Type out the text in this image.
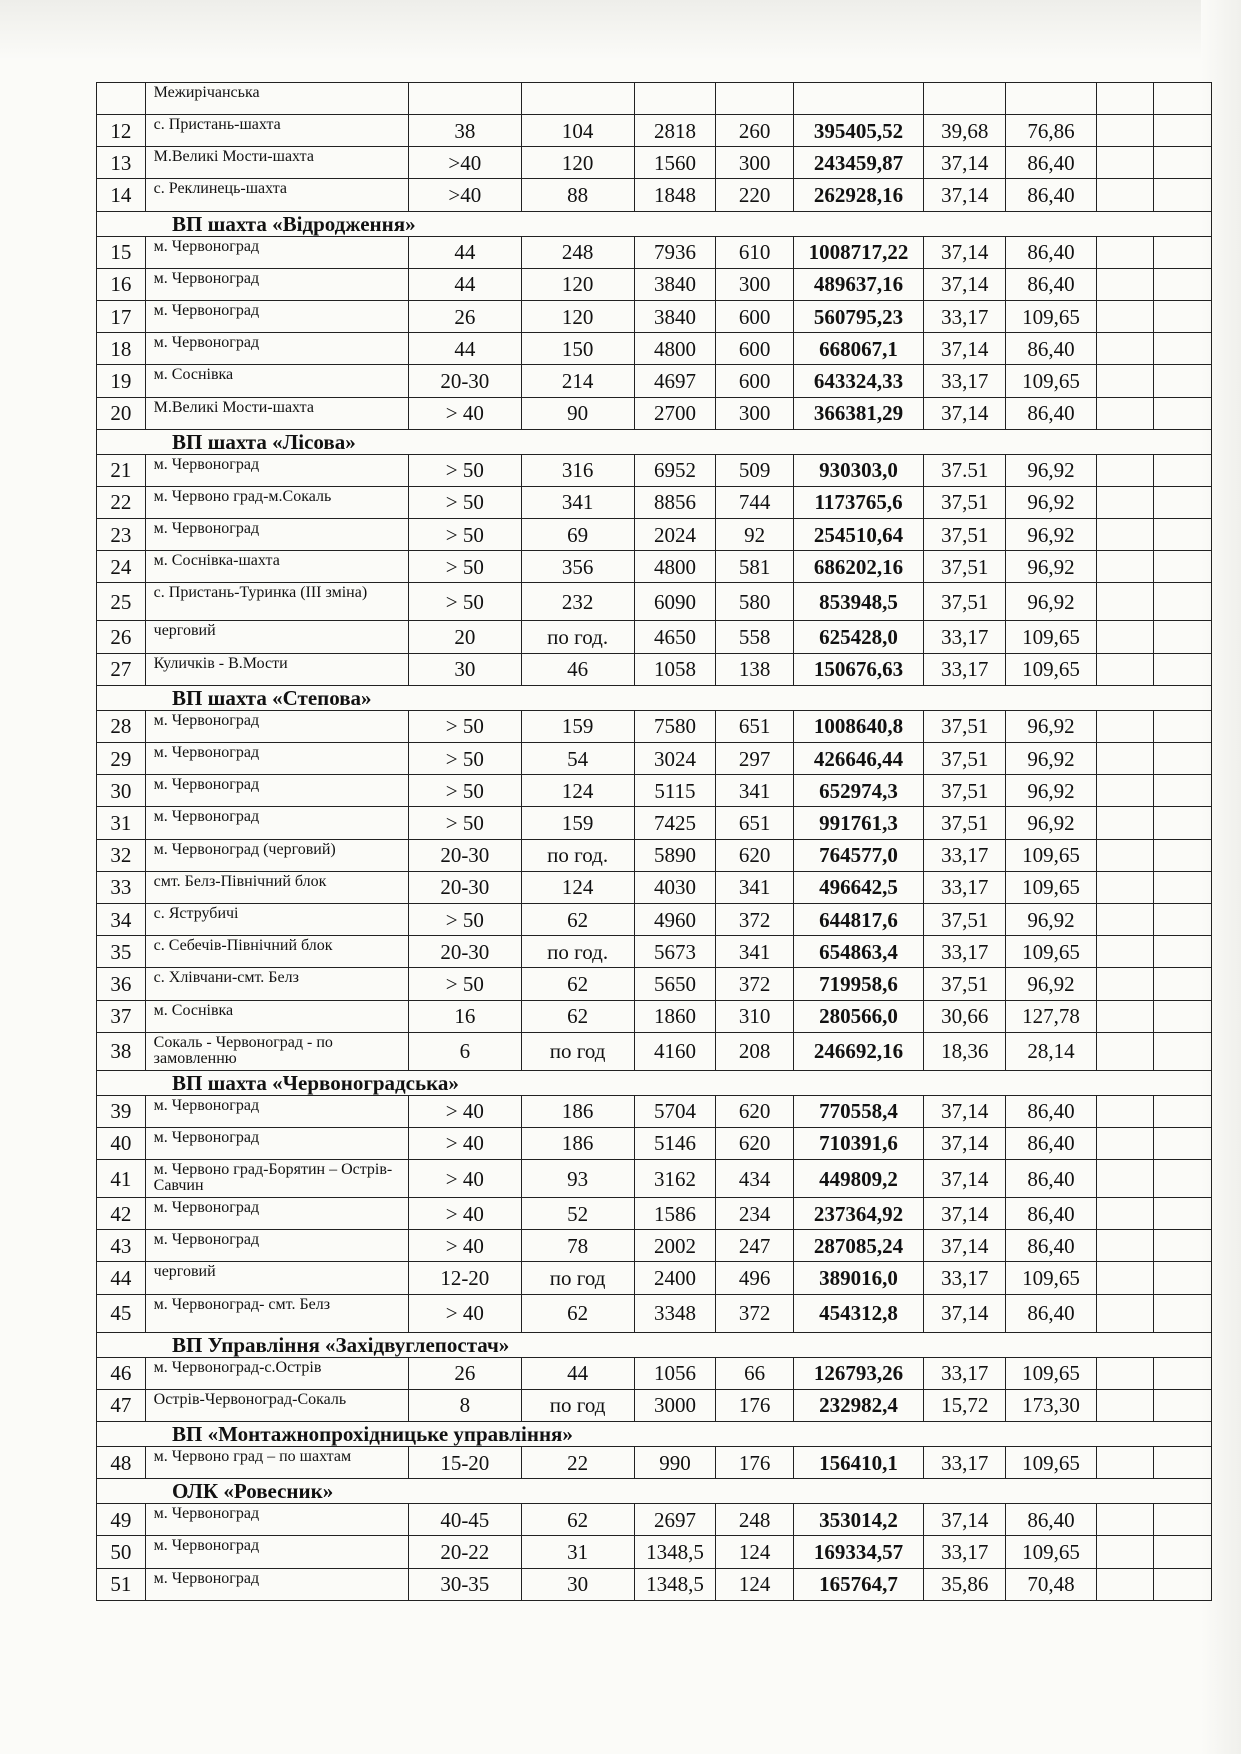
	Межирічанська									
12	с. Пристань-шахта	38	104	2818	260	395405,52	39,68	76,86		
13	М.Великі Мости-шахта	>40	120	1560	300	243459,87	37,14	86,40		
14	с. Реклинець-шахта	>40	88	1848	220	262928,16	37,14	86,40		
ВП шахта «Відродження»										
15	м. Червоноград	44	248	7936	610	1008717,22	37,14	86,40		
16	м. Червоноград	44	120	3840	300	489637,16	37,14	86,40		
17	м. Червоноград	26	120	3840	600	560795,23	33,17	109,65		
18	м. Червоноград	44	150	4800	600	668067,1	37,14	86,40		
19	м. Соснівка	20-30	214	4697	600	643324,33	33,17	109,65		
20	М.Великі Мости-шахта	> 40	90	2700	300	366381,29	37,14	86,40		
ВП шахта «Лісова»										
21	м. Червоноград	> 50	316	6952	509	930303,0	37.51	96,92		
22	м. Червоно град-м.Сокаль	> 50	341	8856	744	1173765,6	37,51	96,92		
23	м. Червоноград	> 50	69	2024	92	254510,64	37,51	96,92		
24	м. Соснівка-шахта	> 50	356	4800	581	686202,16	37,51	96,92		
25	с. Пристань-Туринка (III зміна)	> 50	232	6090	580	853948,5	37,51	96,92		
26	черговий	20	по год.	4650	558	625428,0	33,17	109,65		
27	Куличків - В.Мости	30	46	1058	138	150676,63	33,17	109,65		
ВП шахта «Степова»										
28	м. Червоноград	> 50	159	7580	651	1008640,8	37,51	96,92		
29	м. Червоноград	> 50	54	3024	297	426646,44	37,51	96,92		
30	м. Червоноград	> 50	124	5115	341	652974,3	37,51	96,92		
31	м. Червоноград	> 50	159	7425	651	991761,3	37,51	96,92		
32	м. Червоноград (черговий)	20-30	по год.	5890	620	764577,0	33,17	109,65		
33	смт. Белз-Північний блок	20-30	124	4030	341	496642,5	33,17	109,65		
34	с. Яструбичі	> 50	62	4960	372	644817,6	37,51	96,92		
35	с. Себечів-Північний блок	20-30	по год.	5673	341	654863,4	33,17	109,65		
36	с. Хлівчани-смт. Белз	> 50	62	5650	372	719958,6	37,51	96,92		
37	м. Соснівка	16	62	1860	310	280566,0	30,66	127,78		
38	Сокаль - Червоноград - по замовленню	6	по год	4160	208	246692,16	18,36	28,14		
ВП шахта «Червоноградська»										
39	м. Червоноград	> 40	186	5704	620	770558,4	37,14	86,40		
40	м. Червоноград	> 40	186	5146	620	710391,6	37,14	86,40		
41	м. Червоно град-Борятин – Острів-Савчин	> 40	93	3162	434	449809,2	37,14	86,40		
42	м. Червоноград	> 40	52	1586	234	237364,92	37,14	86,40		
43	м. Червоноград	> 40	78	2002	247	287085,24	37,14	86,40		
44	черговий	12-20	по год	2400	496	389016,0	33,17	109,65		
45	м. Червоноград- смт. Белз	> 40	62	3348	372	454312,8	37,14	86,40		
ВП Управління «Західвуглепостач»										
46	м. Червоноград-с.Острів	26	44	1056	66	126793,26	33,17	109,65		
47	Острів-Червоноград-Сокаль	8	по год	3000	176	232982,4	15,72	173,30		
ВП «Монтажнопрохідницьке управління»										
48	м. Червоно град – по шахтам	15-20	22	990	176	156410,1	33,17	109,65		
ОЛК «Ровесник»										
49	м. Червоноград	40-45	62	2697	248	353014,2	37,14	86,40		
50	м. Червоноград	20-22	31	1348,5	124	169334,57	33,17	109,65		
51	м. Червоноград	30-35	30	1348,5	124	165764,7	35,86	70,48		
